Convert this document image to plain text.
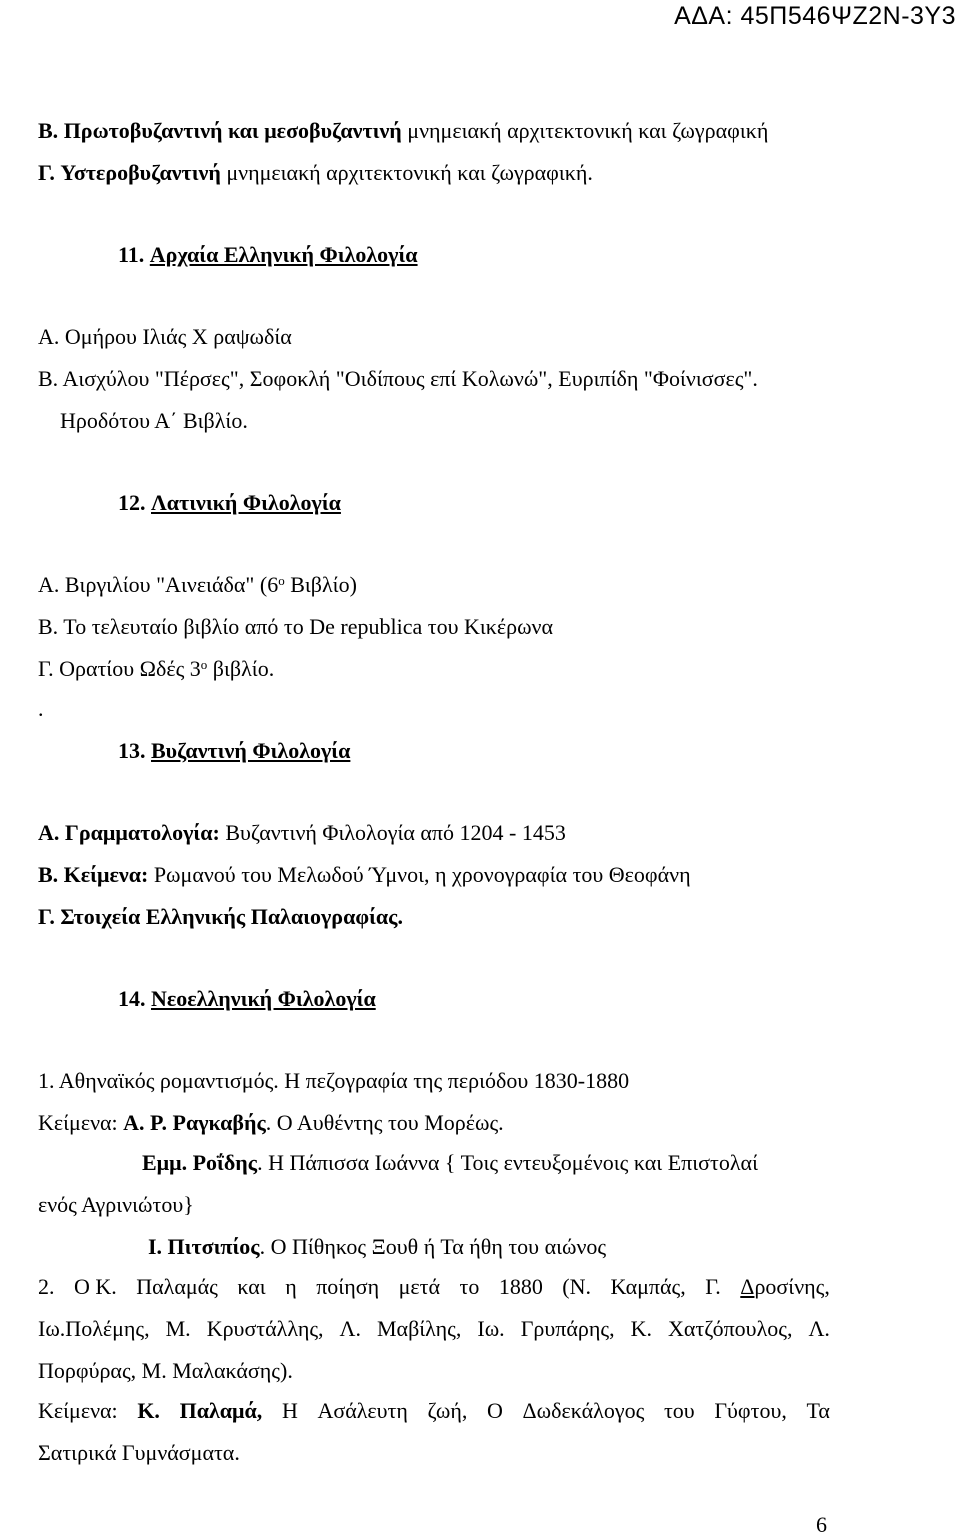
ΑΔΑ: 45Π546ΨΖ2Ν-3Υ3
Β. Πρωτοβυζαντινή και μεσοβυζαντινή μνημειακή αρχιτεκτονική και ζωγραφική
Γ. Υστεροβυζαντινή μνημειακή αρχιτεκτονική και ζωγραφική.
11. Αρχαία Ελληνική Φιλολογία
Α. Ομήρου Ιλιάς Χ ραψωδία
Β. Αισχύλου "Πέρσες", Σοφοκλή "Οιδίπους επί Κολωνώ", Ευριπίδη "Φοίνισσες".
Ηροδότου Α΄ Βιβλίο.
12. Λατινική Φιλολογία
Α. Βιργιλίου "Αινειάδα" ($6^o$ Βιβλίο)
Β. Το τελευταίο βιβλίο από το De republica του Κικέρωνα
Γ. Ορατίου Ωδές $3^o$ βιβλίο.
.
13. Βυζαντινή Φιλολογία
Α. Γραμματολογία: Βυζαντινή Φιλολογία από 1204 - 1453
Β. Κείμενα: Ρωμανού του Μελωδού Ύμνοι, η χρονογραφία του Θεοφάνη
Γ. Στοιχεία Ελληνικής Παλαιογραφίας.
14. Νεοελληνική Φιλολογία
1. Αθηναϊκός ρομαντισμός. Η πεζογραφία της περιόδου 1830-1880
Κείμενα: Α. Ρ. Ραγκαβής. Ο Αυθέντης του Μορέως.
Εμμ. Ροΐδης. Η Πάπισσα Ιωάννα { Τοις εντευξομένοις και Επιστολαί
ενός Αγρινιώτου}
Ι. Πιτσιπίος. Ο Πίθηκος Ξουθ ή Τα ήθη του αιώνος
2. Ο Κ. Παλαμάς και η ποίηση μετά το 1880 (Ν. Καμπάς, Γ. Δροσίνης,
Ιω.Πολέμης, Μ. Κρυστάλλης, Λ. Μαβίλης, Ιω. Γρυπάρης, Κ. Χατζόπουλος, Λ.
Πορφύρας, Μ. Μαλακάσης).
Κείμενα: Κ. Παλαμά, Η Ασάλευτη ζωή, Ο Δωδεκάλογος του Γύφτου, Τα
Σατιρικά Γυμνάσματα.
6
